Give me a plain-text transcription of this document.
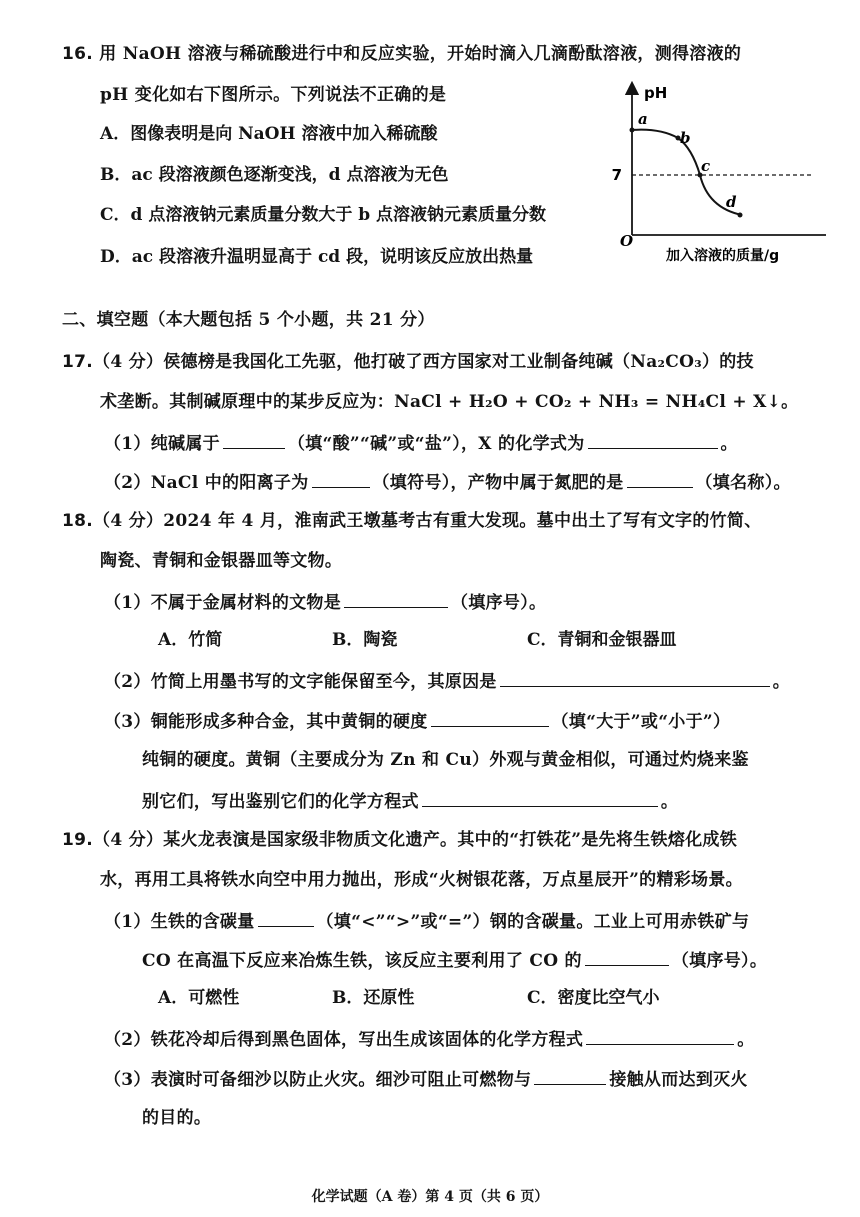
16. 用 NaOH 溶液与稀硫酸进行中和反应实验，开始时滴入几滴酚酞溶液，测得溶液的
pH 变化如右下图所示。下列说法不正确的是
A．图像表明是向 NaOH 溶液中加入稀硫酸
B．ac 段溶液颜色逐渐变浅，d 点溶液为无色
C．d 点溶液钠元素质量分数大于 b 点溶液钠元素质量分数
D．ac 段溶液升温明显高于 cd 段，说明该反应放出热量
pH
7
O
a
b
c
d
加入溶液的质量/g
二、填空题（本大题包括 5 个小题，共 21 分）
17.（4 分）侯德榜是我国化工先驱，他打破了西方国家对工业制备纯碱（Na₂CO₃）的技
术垄断。其制碱原理中的某步反应为：NaCl + H₂O + CO₂ + NH₃ = NH₄Cl + X↓。
（1）纯碱属于	（填“酸”“碱”或“盐”），X 的化学式为	。
（2）NaCl 中的阳离子为	（填符号），产物中属于氮肥的是	（填名称）。
18.（4 分）2024 年 4 月，淮南武王墩墓考古有重大发现。墓中出土了写有文字的竹简、
陶瓷、青铜和金银器皿等文物。
（1）不属于金属材料的文物是	（填序号）。
A．竹简	B．陶瓷	C．青铜和金银器皿
（2）竹简上用墨书写的文字能保留至今，其原因是	。
（3）铜能形成多种合金，其中黄铜的硬度	（填“大于”或“小于”）
纯铜的硬度。黄铜（主要成分为 Zn 和 Cu）外观与黄金相似，可通过灼烧来鉴
别它们，写出鉴别它们的化学方程式	。
19.（4 分）某火龙表演是国家级非物质文化遗产。其中的“打铁花”是先将生铁熔化成铁
水，再用工具将铁水向空中用力抛出，形成“火树银花落，万点星辰开”的精彩场景。
（1）生铁的含碳量	（填“<”“>”或“=”）钢的含碳量。工业上可用赤铁矿与
CO 在高温下反应来冶炼生铁，该反应主要利用了 CO 的	（填序号）。
A．可燃性	B．还原性	C．密度比空气小
（2）铁花冷却后得到黑色固体，写出生成该固体的化学方程式	。
（3）表演时可备细沙以防止火灾。细沙可阻止可燃物与	接触从而达到灭火
的目的。
化学试题（A 卷）第 4 页（共 6 页）
